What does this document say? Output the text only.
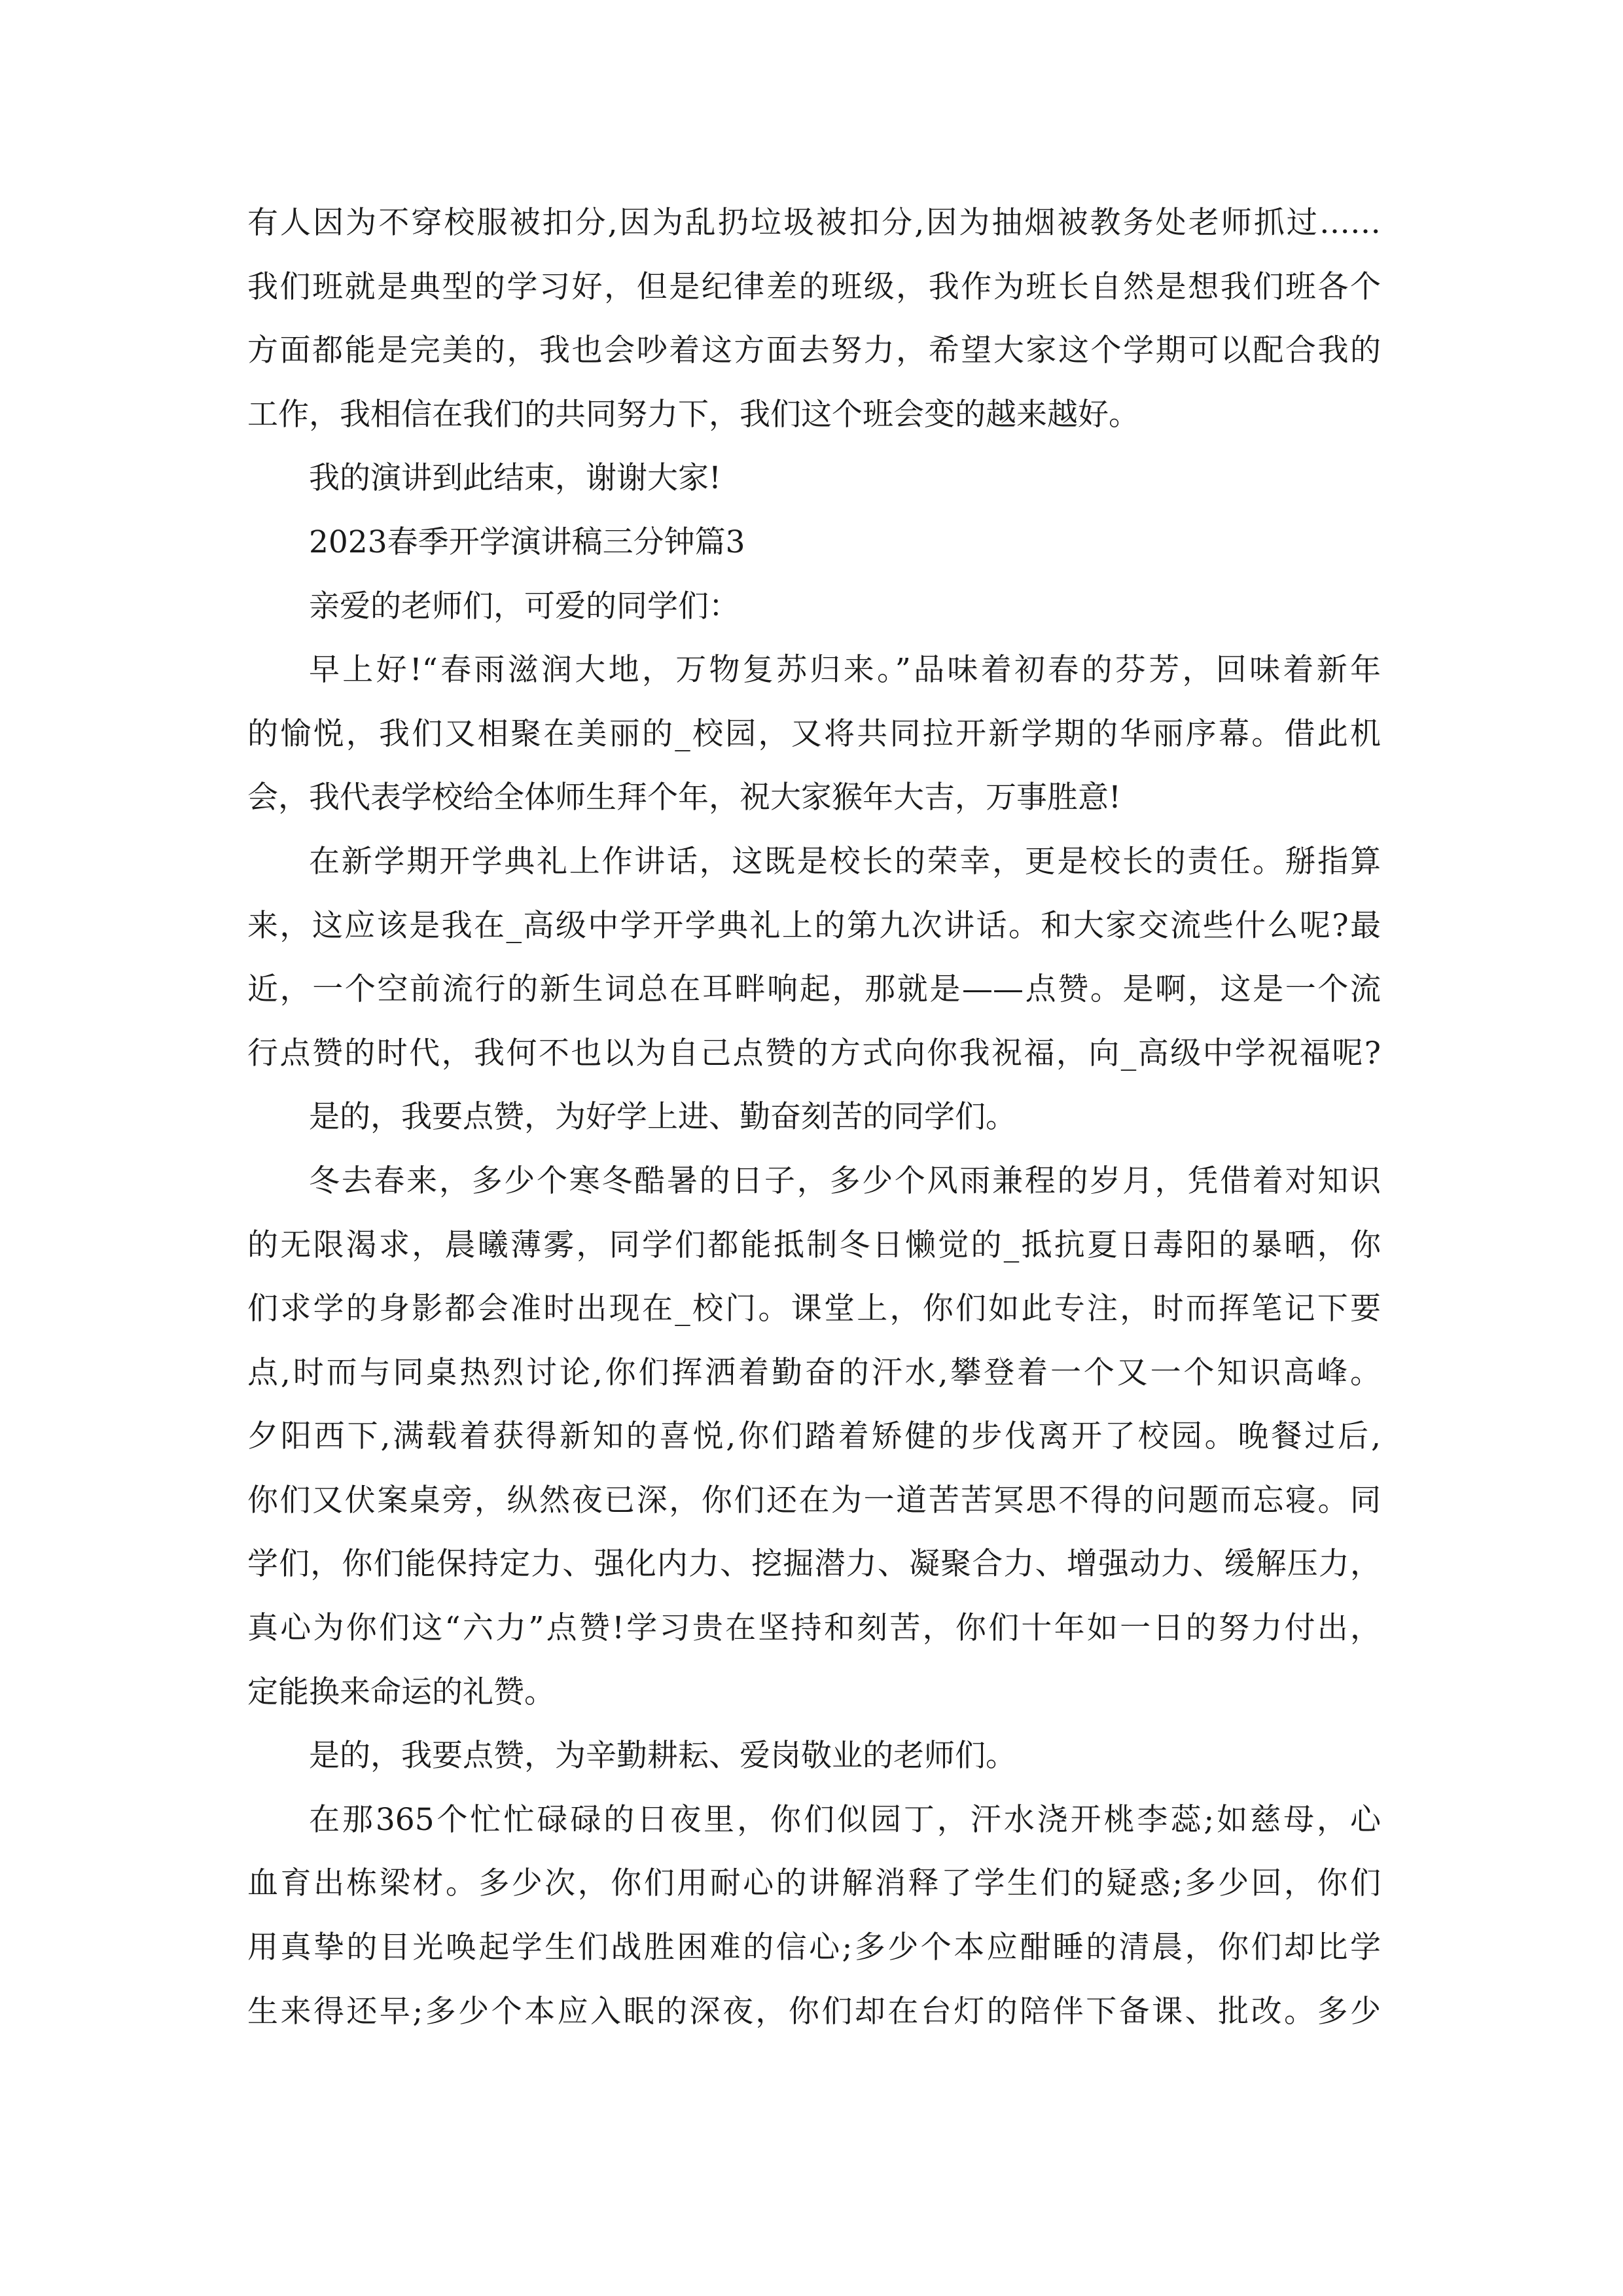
有人因为不穿校服被扣分,因为乱扔垃圾被扣分,因为抽烟被教务处老师抓过……
我们班就是典型的学习好，但是纪律差的班级，我作为班长自然是想我们班各个
方面都能是完美的，我也会吵着这方面去努力，希望大家这个学期可以配合我的
工作，我相信在我们的共同努力下，我们这个班会变的越来越好。
我的演讲到此结束，谢谢大家!
2023春季开学演讲稿三分钟篇3
亲爱的老师们，可爱的同学们：
早上好!“春雨滋润大地，万物复苏归来。”品味着初春的芬芳，回味着新年
的愉悦，我们又相聚在美丽的_校园，又将共同拉开新学期的华丽序幕。借此机
会，我代表学校给全体师生拜个年，祝大家猴年大吉，万事胜意!
在新学期开学典礼上作讲话，这既是校长的荣幸，更是校长的责任。掰指算
来，这应该是我在_高级中学开学典礼上的第九次讲话。和大家交流些什么呢?最
近，一个空前流行的新生词总在耳畔响起，那就是——点赞。是啊，这是一个流
行点赞的时代，我何不也以为自己点赞的方式向你我祝福，向_高级中学祝福呢?
是的，我要点赞，为好学上进、勤奋刻苦的同学们。
冬去春来，多少个寒冬酷暑的日子，多少个风雨兼程的岁月，凭借着对知识
的无限渴求，晨曦薄雾，同学们都能抵制冬日懒觉的_抵抗夏日毒阳的暴晒，你
们求学的身影都会准时出现在_校门。课堂上，你们如此专注，时而挥笔记下要
点,时而与同桌热烈讨论,你们挥洒着勤奋的汗水,攀登着一个又一个知识高峰。
夕阳西下,满载着获得新知的喜悦,你们踏着矫健的步伐离开了校园。晚餐过后,
你们又伏案桌旁，纵然夜已深，你们还在为一道苦苦冥思不得的问题而忘寝。同
学们，你们能保持定力、强化内力、挖掘潜力、凝聚合力、增强动力、缓解压力，
真心为你们这“六力”点赞!学习贵在坚持和刻苦，你们十年如一日的努力付出，
定能换来命运的礼赞。
是的，我要点赞，为辛勤耕耘、爱岗敬业的老师们。
在那365个忙忙碌碌的日夜里，你们似园丁，汗水浇开桃李蕊;如慈母，心
血育出栋梁材。多少次，你们用耐心的讲解消释了学生们的疑惑;多少回，你们
用真挚的目光唤起学生们战胜困难的信心;多少个本应酣睡的清晨，你们却比学
生来得还早;多少个本应入眠的深夜，你们却在台灯的陪伴下备课、批改。多少
